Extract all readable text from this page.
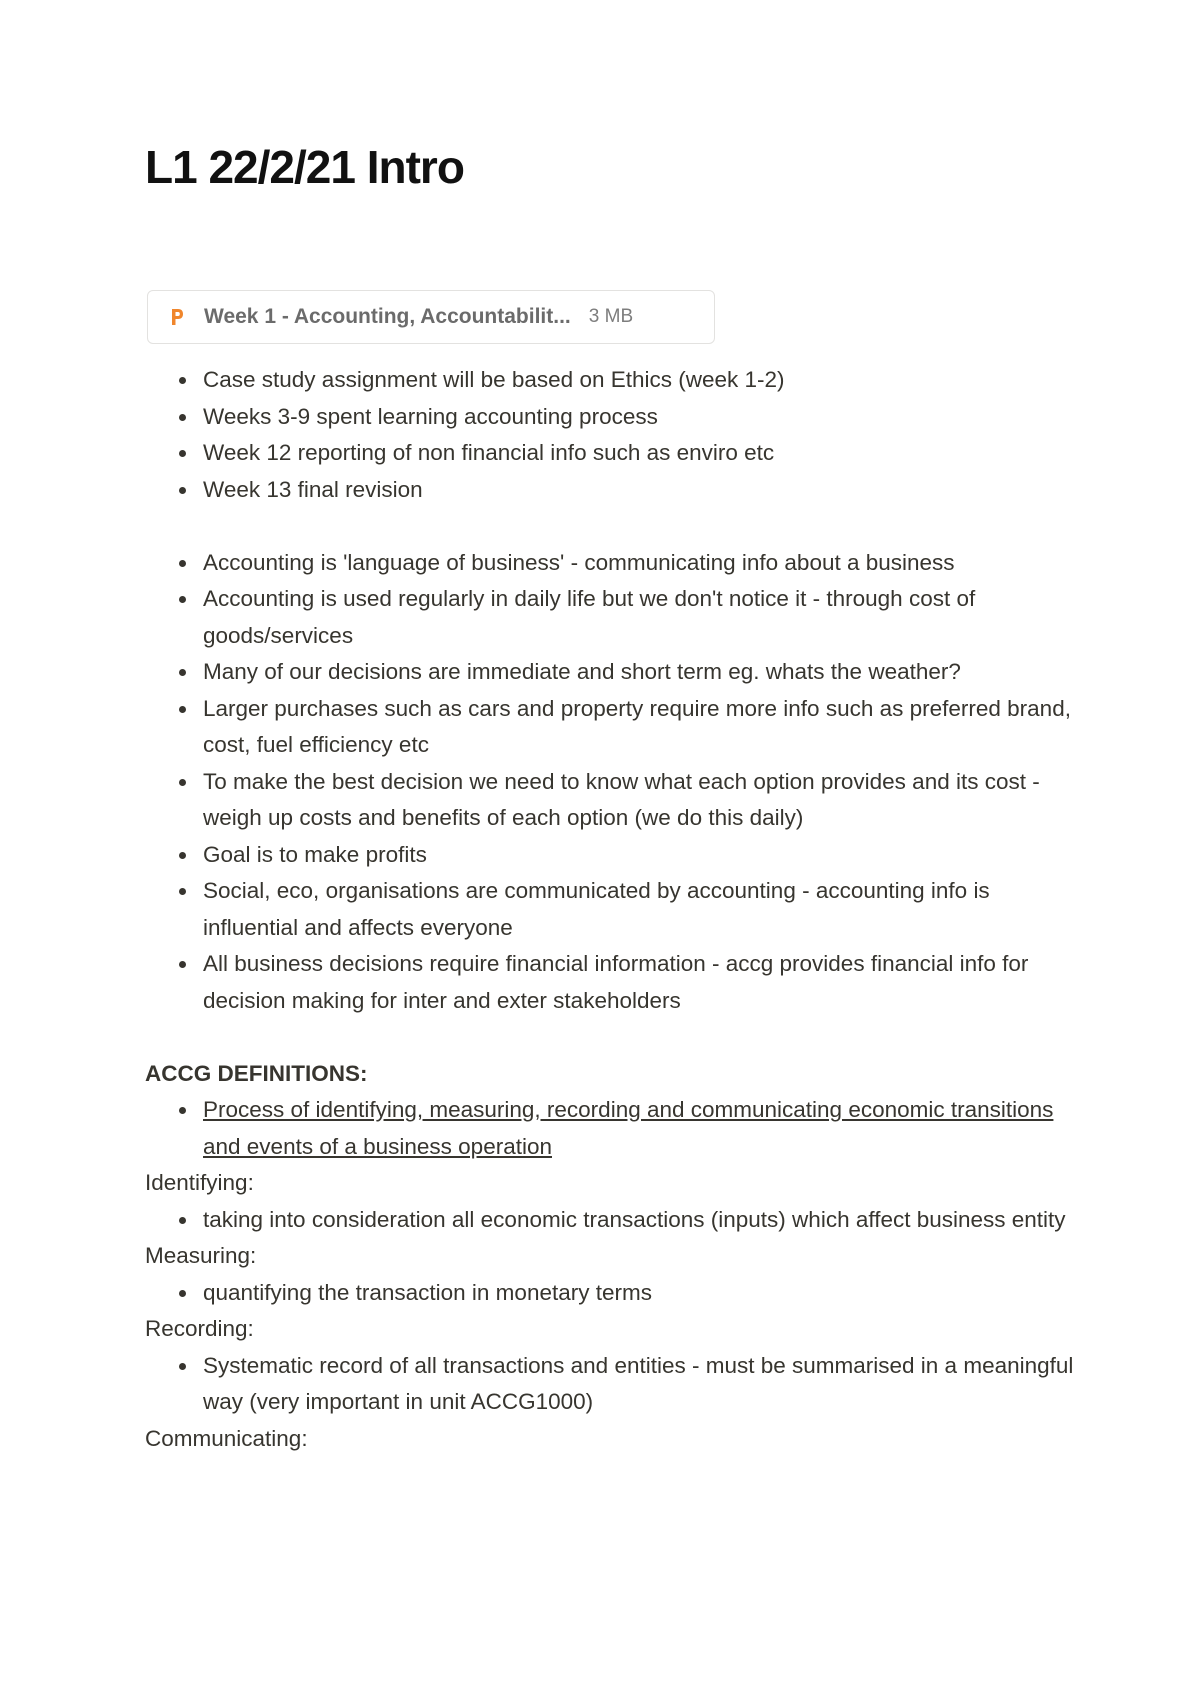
L1 22/2/21 Intro
Week 1 - Accounting, Accountabilit... 3 MB
Case study assignment will be based on Ethics (week 1-2)
Weeks 3-9 spent learning accounting process
Week 12 reporting of non financial info such as enviro etc
Week 13 final revision
Accounting is 'language of business' - communicating info about a business
Accounting is used regularly in daily life but we don't notice it - through cost of goods/services
Many of our decisions are immediate and short term eg. whats the weather?
Larger purchases such as cars and property require more info such as preferred brand, cost, fuel efficiency etc
To make the best decision we need to know what each option provides and its cost - weigh up costs and benefits of each option (we do this daily)
Goal is to make profits
Social, eco, organisations are communicated by accounting - accounting info is influential and affects everyone
All business decisions require financial information - accg provides financial info for decision making for inter and exter stakeholders

ACCG DEFINITIONS:

Process of identifying, measuring, recording and communicating economic transitions and events of a business operation

Identifying:

taking into consideration all economic transactions (inputs) which affect business entity

Measuring:

quantifying the transaction in monetary terms

Recording:

Systematic record of all transactions and entities - must be summarised in a meaningful way (very important in unit ACCG1000)

Communicating:
